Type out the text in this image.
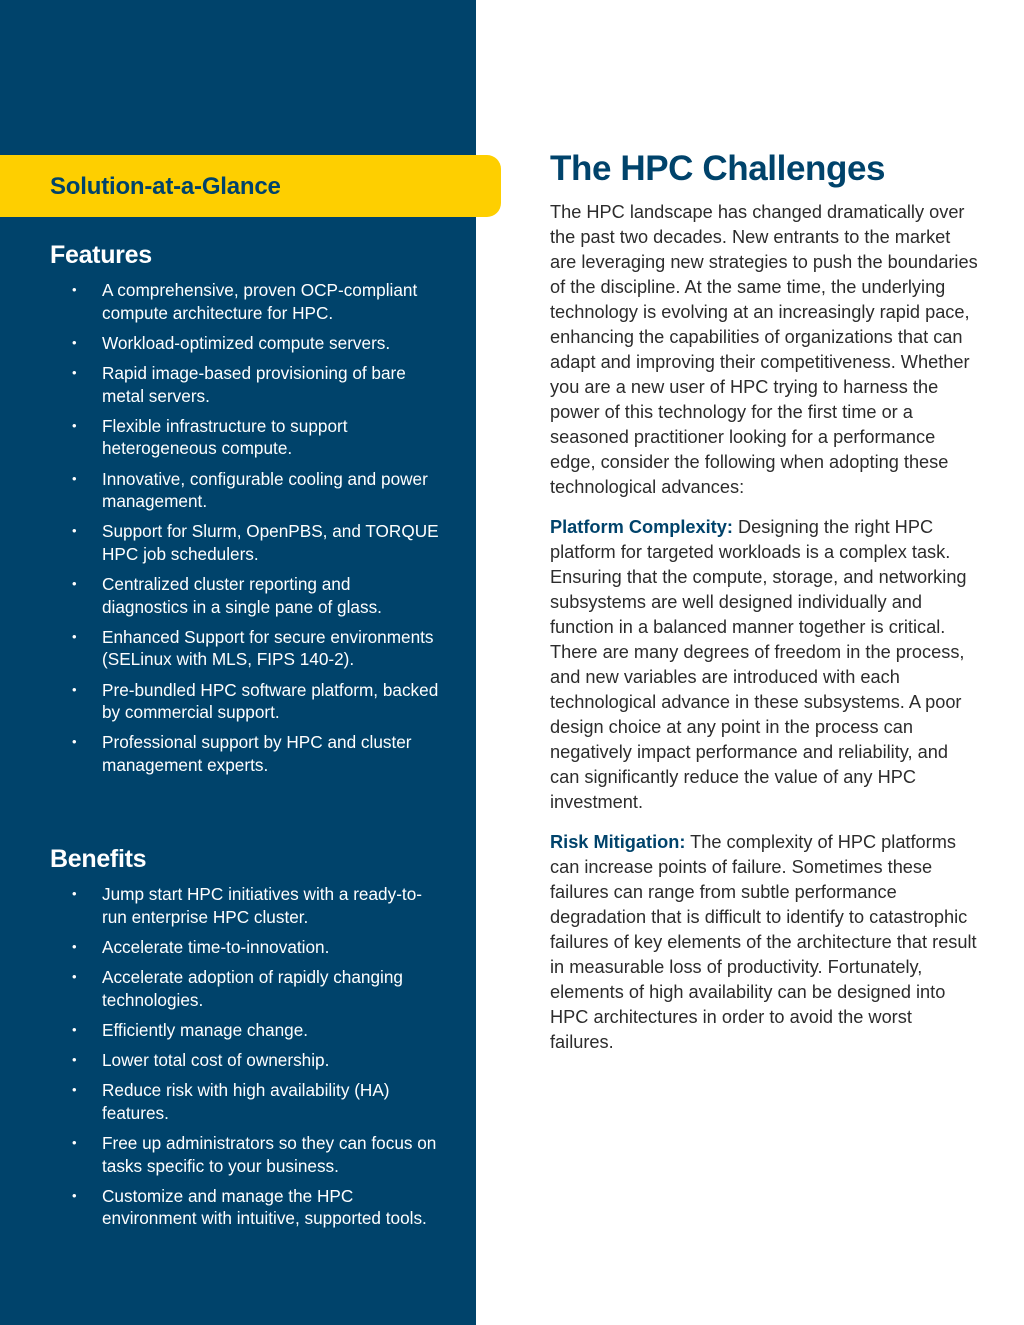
Solution-at-a-Glance
Features
• A comprehensive, proven OCP-compliant compute architecture for HPC.
• Workload-optimized compute servers.
• Rapid image-based provisioning of bare metal servers.
• Flexible infrastructure to support heterogeneous compute.
• Innovative, configurable cooling and power management.
• Support for Slurm, OpenPBS, and TORQUE HPC job schedulers.
• Centralized cluster reporting and diagnostics in a single pane of glass.
• Enhanced Support for secure environments (SELinux with MLS, FIPS 140-2).
• Pre-bundled HPC software platform, backed by commercial support.
• Professional support by HPC and cluster management experts.
Benefits
• Jump start HPC initiatives with a ready-to-run enterprise HPC cluster.
• Accelerate time-to-innovation.
• Accelerate adoption of rapidly changing technologies.
• Efficiently manage change.
• Lower total cost of ownership.
• Reduce risk with high availability (HA) features.
• Free up administrators so they can focus on tasks specific to your business.
• Customize and manage the HPC environment with intuitive, supported tools.
The HPC Challenges

The HPC landscape has changed dramatically over the past two decades. New entrants to the market are leveraging new strategies to push the boundaries of the discipline. At the same time, the underlying technology is evolving at an increasingly rapid pace, enhancing the capabilities of organizations that can adapt and improving their competitiveness. Whether you are a new user of HPC trying to harness the power of this technology for the first time or a seasoned practitioner looking for a performance edge, consider the following when adopting these technological advances:

Platform Complexity: Designing the right HPC platform for targeted workloads is a complex task. Ensuring that the compute, storage, and networking subsystems are well designed individually and function in a balanced manner together is critical. There are many degrees of freedom in the process, and new variables are introduced with each technological advance in these subsystems. A poor design choice at any point in the process can negatively impact performance and reliability, and can significantly reduce the value of any HPC investment.

Risk Mitigation: The complexity of HPC platforms can increase points of failure. Sometimes these failures can range from subtle performance degradation that is difficult to identify to catastrophic failures of key elements of the architecture that result in measurable loss of productivity. Fortunately, elements of high availability can be designed into HPC architectures in order to avoid the worst failures.
